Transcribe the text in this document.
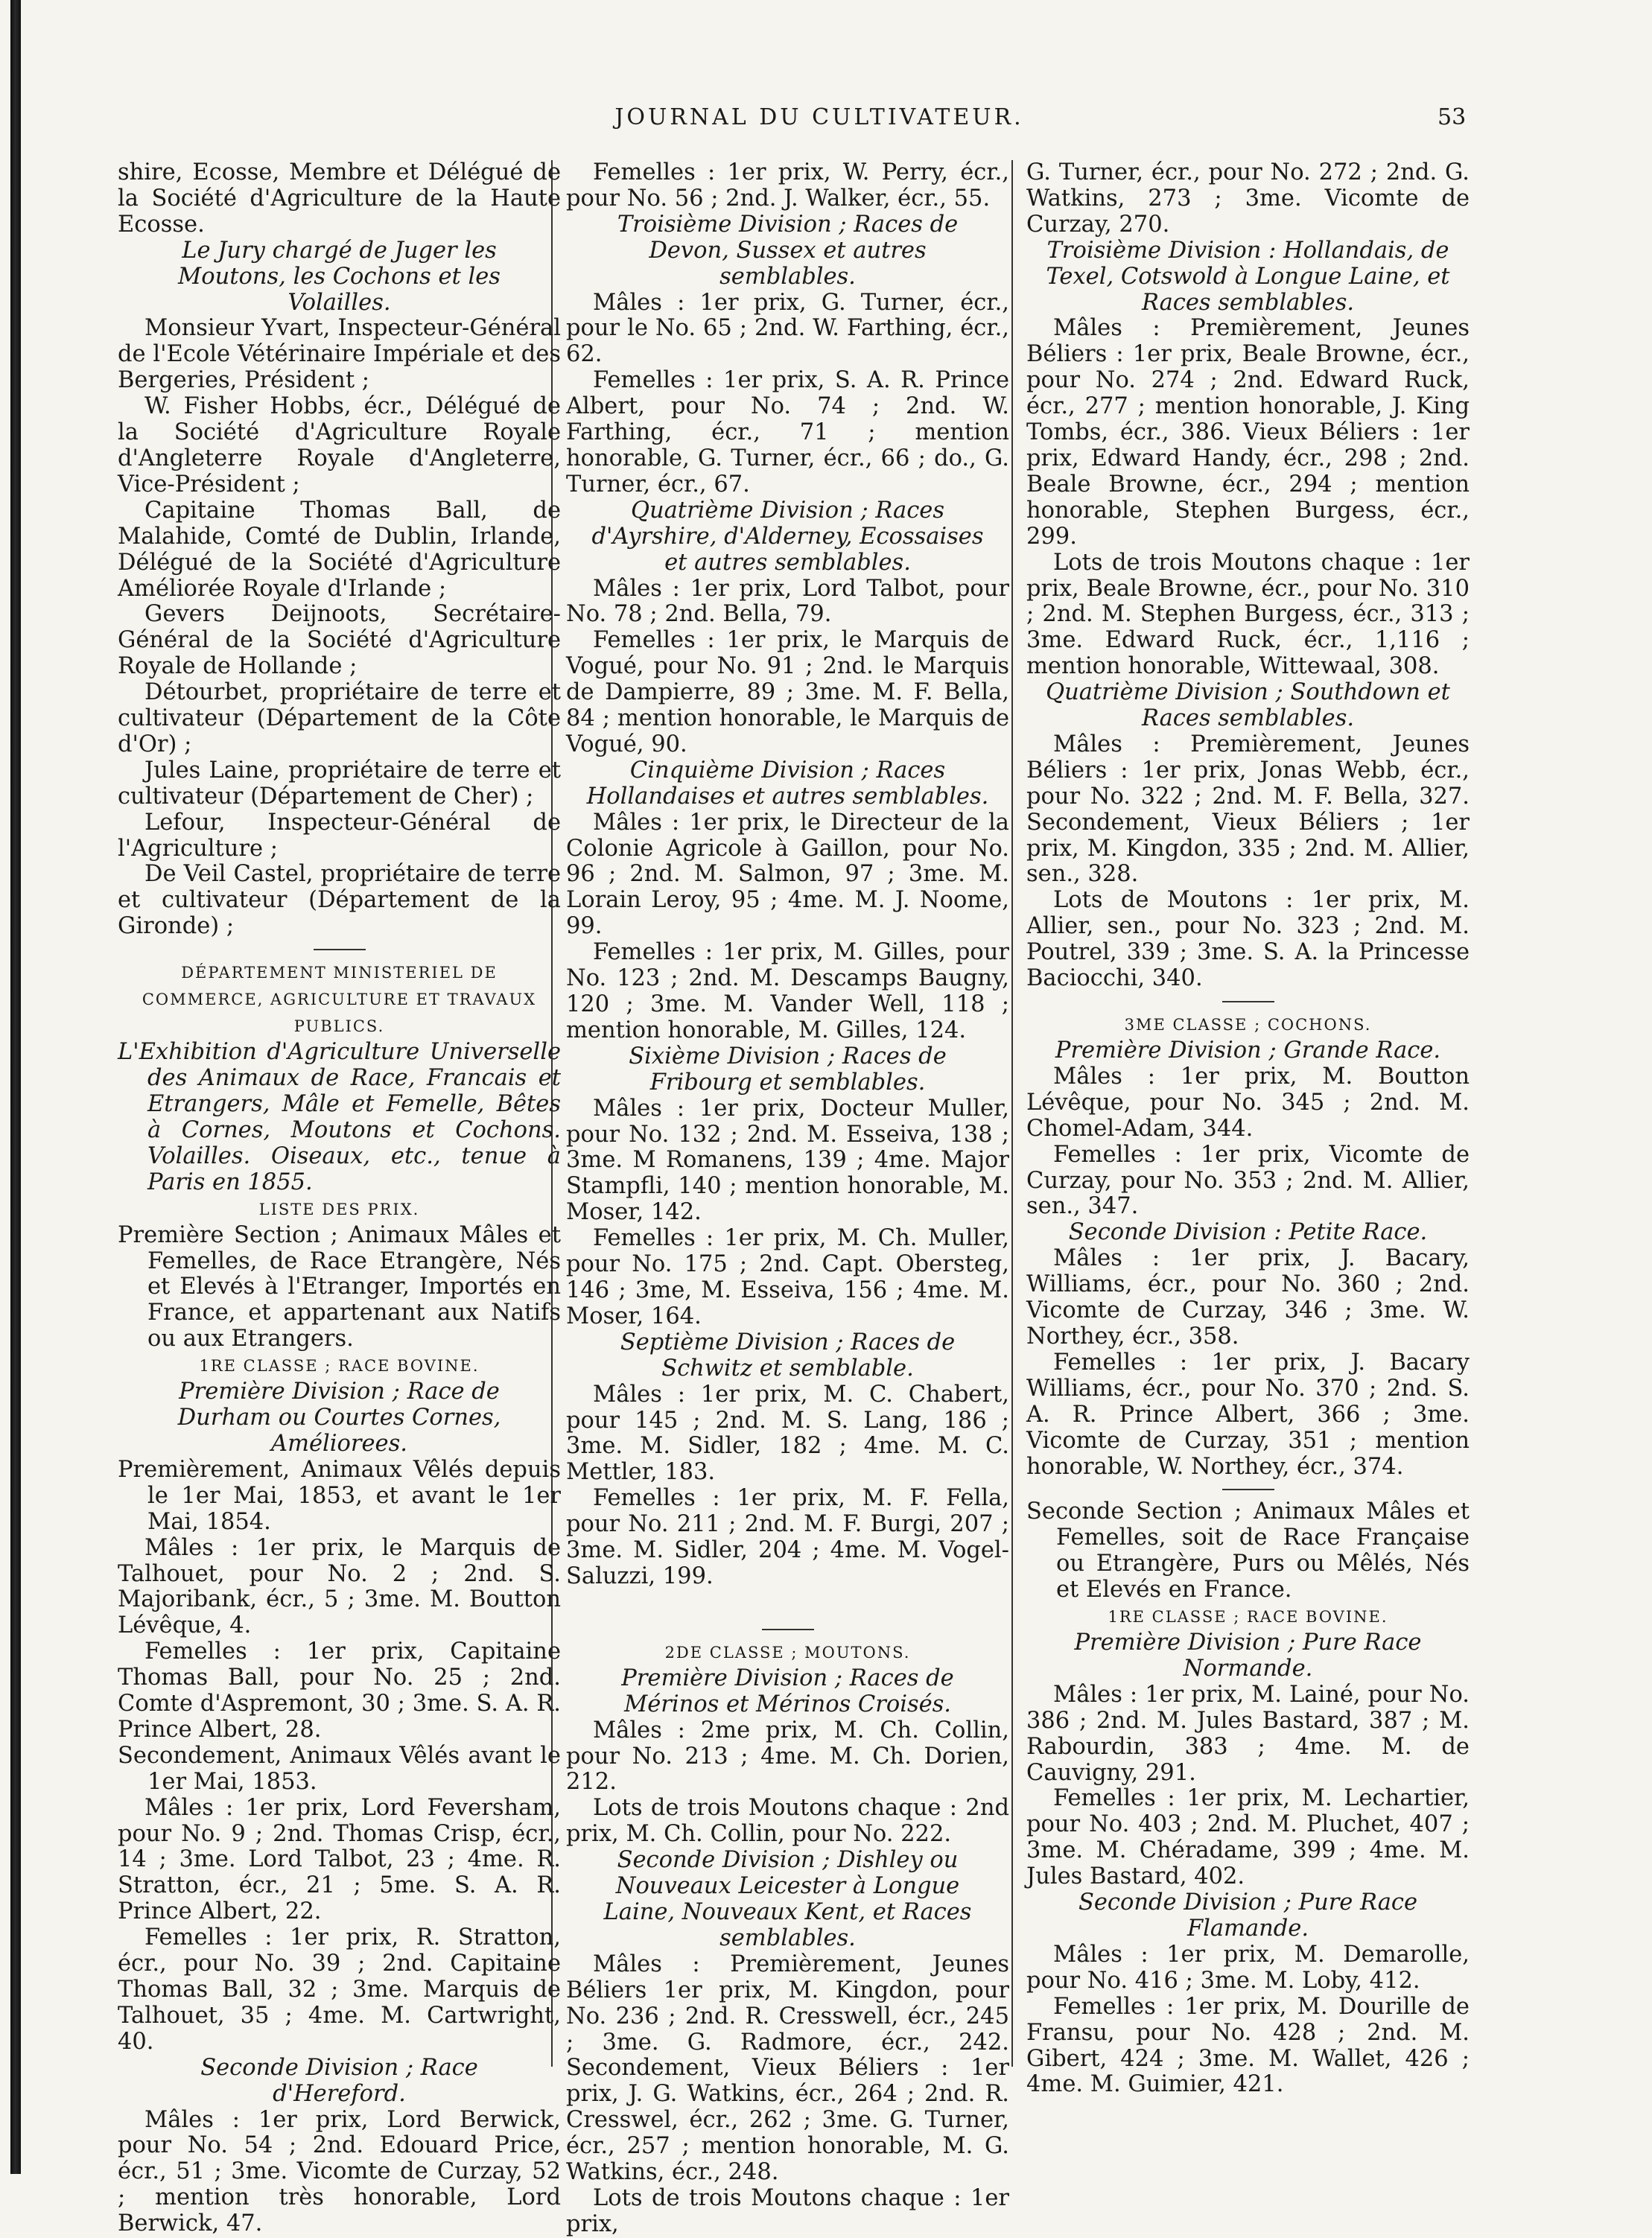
JOURNAL DU CULTIVATEUR.	53

shire, Ecosse, Membre et Délégué de la Société d'Agriculture de la Haute Ecosse.

Le Jury chargé de Juger les Moutons, les Cochons et les Volailles.

Monsieur Yvart, Inspecteur-Général de l'Ecole Vétérinaire Impériale et des Bergeries, Président ;

W. Fisher Hobbs, écr., Délégué de la Société d'Agriculture Royale d'Angleterre Royale d'Angleterre, Vice-Président ;

Capitaine Thomas Ball, de Malahide, Comté de Dublin, Irlande, Délégué de la Société d'Agriculture Améliorée Royale d'Irlande ;

Gevers Deijnoots, Secrétaire-Général de la Société d'Agriculture Royale de Hollande ;

Détourbet, propriétaire de terre et cultivateur (Département de la Côte d'Or) ;

Jules Laine, propriétaire de terre et cultivateur (Département de Cher) ;

Lefour, Inspecteur-Général de l'Agriculture ;

De Veil Castel, propriétaire de terre et cultivateur (Département de la Gironde) ;

DÉPARTEMENT MINISTERIEL DE COMMERCE, AGRICULTURE ET TRAVAUX PUBLICS.

L'Exhibition d'Agriculture Universelle des Animaux de Race, Francais et Etrangers, Mâle et Femelle, Bêtes à Cornes, Moutons et Cochons. Volailles. Oiseaux, etc., tenue à Paris en 1855.

LISTE DES PRIX.

Première Section ; Animaux Mâles et Femelles, de Race Etrangère, Nés et Elevés à l'Etranger, Importés en France, et appartenant aux Natifs ou aux Etrangers.

1RE CLASSE ; RACE BOVINE.

Première Division ; Race de Durham ou Courtes Cornes, Améliorees.

Premièrement, Animaux Vêlés depuis le 1er Mai, 1853, et avant le 1er Mai, 1854.

Mâles : 1er prix, le Marquis de Talhouet, pour No. 2 ; 2nd. S. Majoribank, écr., 5 ; 3me. M. Boutton Lévêque, 4.

Femelles : 1er prix, Capitaine Thomas Ball, pour No. 25 ; 2nd. Comte d'Aspremont, 30 ; 3me. S. A. R. Prince Albert, 28.

Secondement, Animaux Vêlés avant le 1er Mai, 1853.

Mâles : 1er prix, Lord Feversham, pour No. 9 ; 2nd. Thomas Crisp, écr., 14 ; 3me. Lord Talbot, 23 ; 4me. R. Stratton, écr., 21 ; 5me. S. A. R. Prince Albert, 22.

Femelles : 1er prix, R. Stratton, écr., pour No. 39 ; 2nd. Capitaine Thomas Ball, 32 ; 3me. Marquis de Talhouet, 35 ; 4me. M. Cartwright, 40.

Seconde Division ; Race d'Hereford.

Mâles : 1er prix, Lord Berwick, pour No. 54 ; 2nd. Edouard Price, écr., 51 ; 3me. Vicomte de Curzay, 52 ; mention très honorable, Lord Berwick, 47.

Femelles : 1er prix, W. Perry, écr., pour No. 56 ; 2nd. J. Walker, écr., 55.

Troisième Division ; Races de Devon, Sussex et autres semblables.

Mâles : 1er prix, G. Turner, écr., pour le No. 65 ; 2nd. W. Farthing, écr., 62.

Femelles : 1er prix, S. A. R. Prince Albert, pour No. 74 ; 2nd. W. Farthing, écr., 71 ; mention honorable, G. Turner, écr., 66 ; do., G. Turner, écr., 67.

Quatrième Division ; Races d'Ayrshire, d'Alderney, Ecossaises et autres semblables.

Mâles : 1er prix, Lord Talbot, pour No. 78 ; 2nd. Bella, 79.

Femelles : 1er prix, le Marquis de Vogué, pour No. 91 ; 2nd. le Marquis de Dampierre, 89 ; 3me. M. F. Bella, 84 ; mention honorable, le Marquis de Vogué, 90.

Cinquième Division ; Races Hollandaises et autres semblables.

Mâles : 1er prix, le Directeur de la Colonie Agricole à Gaillon, pour No. 96 ; 2nd. M. Salmon, 97 ; 3me. M. Lorain Leroy, 95 ; 4me. M. J. Noome, 99.

Femelles : 1er prix, M. Gilles, pour No. 123 ; 2nd. M. Descamps Baugny, 120 ; 3me. M. Vander Well, 118 ; mention honorable, M. Gilles, 124.

Sixième Division ; Races de Fribourg et semblables.

Mâles : 1er prix, Docteur Muller, pour No. 132 ; 2nd. M. Esseiva, 138 ; 3me. M Romanens, 139 ; 4me. Major Stampfli, 140 ; mention honorable, M. Moser, 142.

Femelles : 1er prix, M. Ch. Muller, pour No. 175 ; 2nd. Capt. Obersteg, 146 ; 3me, M. Esseiva, 156 ; 4me. M. Moser, 164.

Septième Division ; Races de Schwitz et semblable.

Mâles : 1er prix, M. C. Chabert, pour 145 ; 2nd. M. S. Lang, 186 ; 3me. M. Sidler, 182 ; 4me. M. C. Mettler, 183.

Femelles : 1er prix, M. F. Fella, pour No. 211 ; 2nd. M. F. Burgi, 207 ; 3me. M. Sidler, 204 ; 4me. M. Vogel-Saluzzi, 199.

2DE CLASSE ; MOUTONS.

Première Division ; Races de Mérinos et Mérinos Croisés.

Mâles : 2me prix, M. Ch. Collin, pour No. 213 ; 4me. M. Ch. Dorien, 212.

Lots de trois Moutons chaque : 2nd prix, M. Ch. Collin, pour No. 222.

Seconde Division ; Dishley ou Nouveaux Leicester à Longue Laine, Nouveaux Kent, et Races semblables.

Mâles : Premièrement, Jeunes Béliers 1er prix, M. Kingdon, pour No. 236 ; 2nd. R. Cresswell, écr., 245 ; 3me. G. Radmore, écr., 242. Secondement, Vieux Béliers : 1er prix, J. G. Watkins, écr., 264 ; 2nd. R. Cresswel, écr., 262 ; 3me. G. Turner, écr., 257 ; mention honorable, M. G. Watkins, écr., 248.

Lots de trois Moutons chaque : 1er prix,

G. Turner, écr., pour No. 272 ; 2nd. G. Watkins, 273 ; 3me. Vicomte de Curzay, 270.

Troisième Division : Hollandais, de Texel, Cotswold à Longue Laine, et Races semblables.

Mâles : Premièrement, Jeunes Béliers : 1er prix, Beale Browne, écr., pour No. 274 ; 2nd. Edward Ruck, écr., 277 ; mention honorable, J. King Tombs, écr., 386. Vieux Béliers : 1er prix, Edward Handy, écr., 298 ; 2nd. Beale Browne, écr., 294 ; mention honorable, Stephen Burgess, écr., 299.

Lots de trois Moutons chaque : 1er prix, Beale Browne, écr., pour No. 310 ; 2nd. M. Stephen Burgess, écr., 313 ; 3me. Edward Ruck, écr., 1,116 ; mention honorable, Wittewaal, 308.

Quatrième Division ; Southdown et Races semblables.

Mâles : Premièrement, Jeunes Béliers : 1er prix, Jonas Webb, écr., pour No. 322 ; 2nd. M. F. Bella, 327. Secondement, Vieux Béliers ; 1er prix, M. Kingdon, 335 ; 2nd. M. Allier, sen., 328.

Lots de Moutons : 1er prix, M. Allier, sen., pour No. 323 ; 2nd. M. Poutrel, 339 ; 3me. S. A. la Princesse Baciocchi, 340.

3ME CLASSE ; COCHONS.

Première Division ; Grande Race.

Mâles : 1er prix, M. Boutton Lévêque, pour No. 345 ; 2nd. M. Chomel-Adam, 344.

Femelles : 1er prix, Vicomte de Curzay, pour No. 353 ; 2nd. M. Allier, sen., 347.

Seconde Division : Petite Race.

Mâles : 1er prix, J. Bacary, Williams, écr., pour No. 360 ; 2nd. Vicomte de Curzay, 346 ; 3me. W. Northey, écr., 358.

Femelles : 1er prix, J. Bacary Williams, écr., pour No. 370 ; 2nd. S. A. R. Prince Albert, 366 ; 3me. Vicomte de Curzay, 351 ; mention honorable, W. Northey, écr., 374.

Seconde Section ; Animaux Mâles et Femelles, soit de Race Française ou Etrangère, Purs ou Mêlés, Nés et Elevés en France.

1RE CLASSE ; RACE BOVINE.

Première Division ; Pure Race Normande.

Mâles : 1er prix, M. Lainé, pour No. 386 ; 2nd. M. Jules Bastard, 387 ; M. Rabourdin, 383 ; 4me. M. de Cauvigny, 291.

Femelles : 1er prix, M. Lechartier, pour No. 403 ; 2nd. M. Pluchet, 407 ; 3me. M. Chéradame, 399 ; 4me. M. Jules Bastard, 402.

Seconde Division ; Pure Race Flamande.

Mâles : 1er prix, M. Demarolle, pour No. 416 ; 3me. M. Loby, 412.

Femelles : 1er prix, M. Dourille de Fransu, pour No. 428 ; 2nd. M. Gibert, 424 ; 3me. M. Wallet, 426 ; 4me. M. Guimier, 421.
